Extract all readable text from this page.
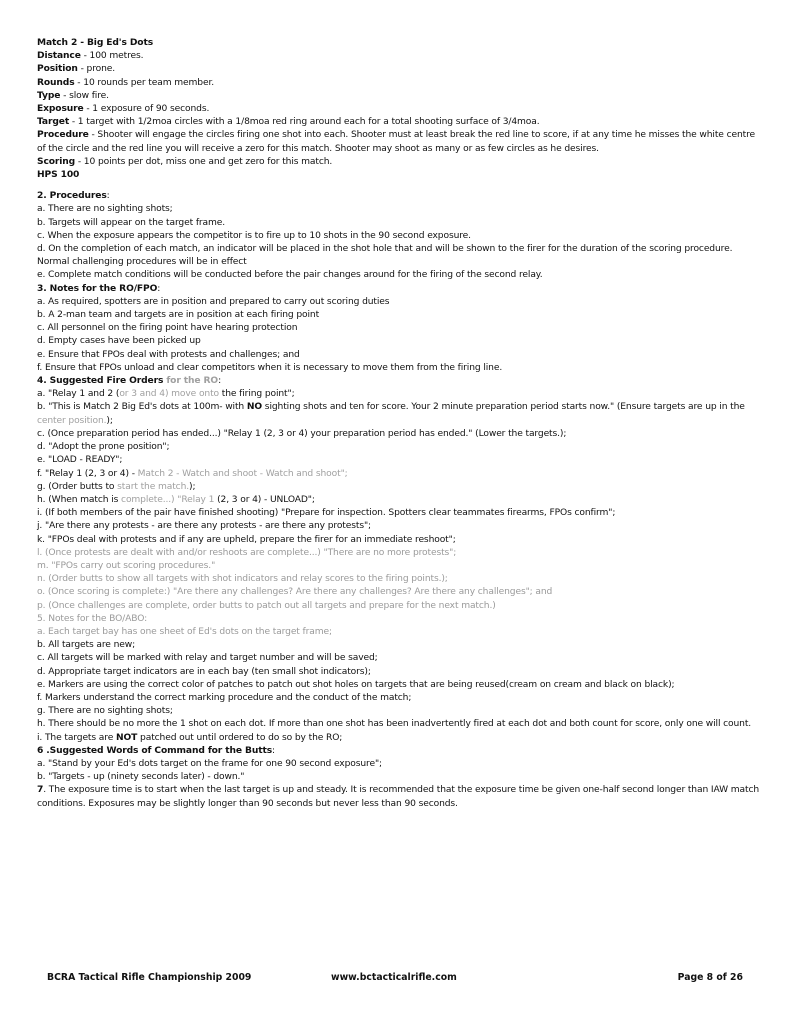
Match 2 - Big Ed's Dots
Distance - 100 metres.
Position - prone.
Rounds - 10 rounds per team member.
Type - slow fire.
Exposure - 1 exposure of 90 seconds.
Target - 1 target with 1/2moa circles with a 1/8moa red ring around each for a total shooting surface of 3/4moa.
Procedure - Shooter will engage the circles firing one shot into each. Shooter must at least break the red line to score, if at any time he misses the white centre of the circle and the red line you will receive a zero for this match. Shooter may shoot as many or as few circles as he desires.
Scoring - 10 points per dot, miss one and get zero for this match.
HPS 100
2. Procedures:
a. There are no sighting shots;
b. Targets will appear on the target frame.
c. When the exposure appears the competitor is to fire up to 10 shots in the 90 second exposure.
d. On the completion of each match, an indicator will be placed in the shot hole that and will be shown to the firer for the duration of the scoring procedure. Normal challenging procedures will be in effect
e. Complete match conditions will be conducted before the pair changes around for the firing of the second relay.
3. Notes for the RO/FPO:
a. As required, spotters are in position and prepared to carry out scoring duties
b. A 2-man team and targets are in position at each firing point
c. All personnel on the firing point have hearing protection
d. Empty cases have been picked up
e. Ensure that FPOs deal with protests and challenges; and
f. Ensure that FPOs unload and clear competitors when it is necessary to move them from the firing line.
4. Suggested Fire Orders for the RO:
a. "Relay 1 and 2 (or 3 and 4) move onto the firing point";
b. "This is Match 2 Big Ed's dots at 100m- with NO sighting shots and ten for score. Your 2 minute preparation period starts now." (Ensure targets are up in the center position.);
c. (Once preparation period has ended...) "Relay 1 (2, 3 or 4) your preparation period has ended." (Lower the targets.);
d. "Adopt the prone position";
e. "LOAD - READY";
f. "Relay 1 (2, 3 or 4) - Match 2 - Watch and shoot - Watch and shoot";
g. (Order butts to start the match.);
h. (When match is complete...) "Relay 1 (2, 3 or 4) - UNLOAD";
i. (If both members of the pair have finished shooting) "Prepare for inspection. Spotters clear teammates firearms, FPOs confirm";
j. "Are there any protests - are there any protests - are there any protests";
k. "FPOs deal with protests and if any are upheld, prepare the firer for an immediate reshoot";
l. (Once protests are dealt with and/or reshoots are complete...) "There are no more protests";
m. "FPOs carry out scoring procedures."
n. (Order butts to show all targets with shot indicators and relay scores to the firing points.);
o. (Once scoring is complete:) "Are there any challenges? Are there any challenges? Are there any challenges"; and
p. (Once challenges are complete, order butts to patch out all targets and prepare for the next match.)
5. Notes for the BO/ABO:
a. Each target bay has one sheet of Ed's dots on the target frame;
b. All targets are new;
c. All targets will be marked with relay and target number and will be saved;
d. Appropriate target indicators are in each bay (ten small shot indicators);
e. Markers are using the correct color of patches to patch out shot holes on targets that are being reused(cream on cream and black on black);
f. Markers understand the correct marking procedure and the conduct of the match;
g. There are no sighting shots;
h. There should be no more the 1 shot on each dot. If more than one shot has been inadvertently fired at each dot and both count for score, only one will count.
i. The targets are NOT patched out until ordered to do so by the RO;
6 .Suggested Words of Command for the Butts:
a. "Stand by your Ed's dots target on the frame for one 90 second exposure";
b. "Targets - up (ninety seconds later) - down."
7. The exposure time is to start when the last target is up and steady. It is recommended that the exposure time be given one-half second longer than IAW match conditions. Exposures may be slightly longer than 90 seconds but never less than 90 seconds.
BCRA Tactical Rifle Championship 2009	www.bctacticalrifle.com	Page 8 of 26
